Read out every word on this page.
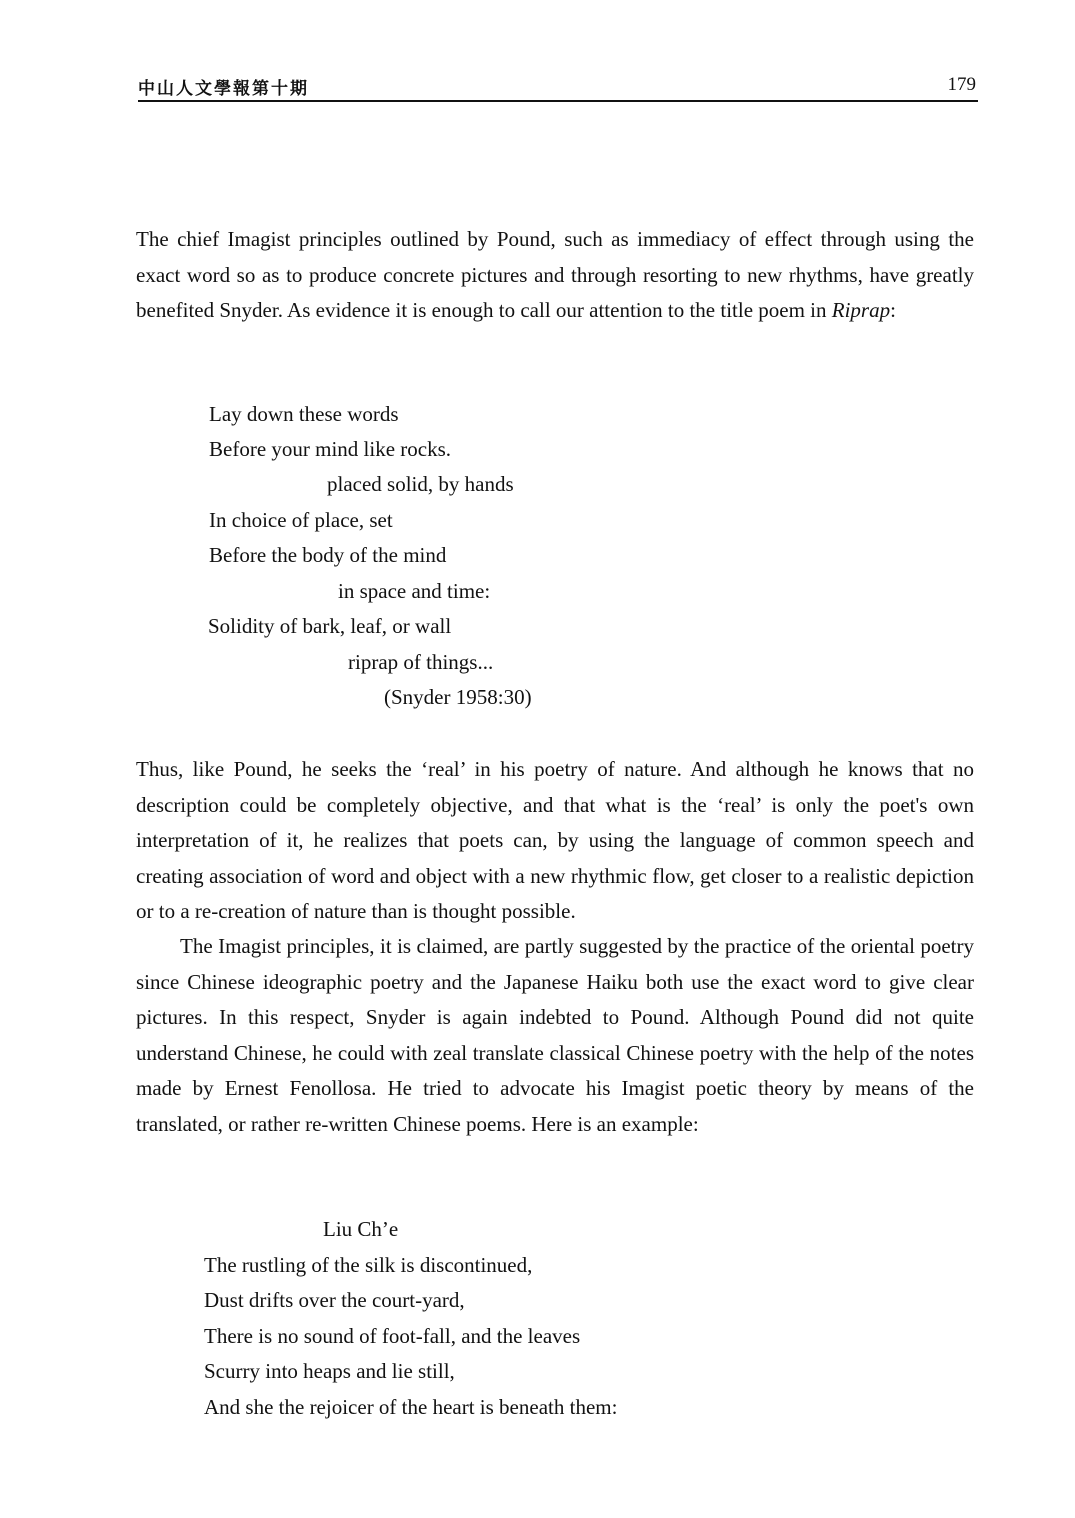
中山人文學報第十期	179

The chief Imagist principles outlined by Pound, such as immediacy of effect through using the exact word so as to produce concrete pictures and through resorting to new rhythms, have greatly benefited Snyder. As evidence it is enough to call our attention to the title poem in Riprap:

Lay down these words

Before your mind like rocks.

placed solid, by hands

In choice of place, set

Before the body of the mind

in space and time:

Solidity of bark, leaf, or wall

riprap of things...

(Snyder 1958:30)

Thus, like Pound, he seeks the ‘real’ in his poetry of nature. And although he knows that no description could be completely objective, and that what is the ‘real’ is only the poet's own interpretation of it, he realizes that poets can, by using the language of common speech and creating association of word and object with a new rhythmic flow, get closer to a realistic depiction or to a re-creation of nature than is thought possible.

The Imagist principles, it is claimed, are partly suggested by the practice of the oriental poetry since Chinese ideographic poetry and the Japanese Haiku both use the exact word to give clear pictures. In this respect, Snyder is again indebted to Pound. Although Pound did not quite understand Chinese, he could with zeal translate classical Chinese poetry with the help of the notes made by Ernest Fenollosa. He tried to advocate his Imagist poetic theory by means of the translated, or rather re-written Chinese poems. Here is an example:

Liu Ch’e

The rustling of the silk is discontinued,

Dust drifts over the court-yard,

There is no sound of foot-fall, and the leaves

Scurry into heaps and lie still,

And she the rejoicer of the heart is beneath them:
